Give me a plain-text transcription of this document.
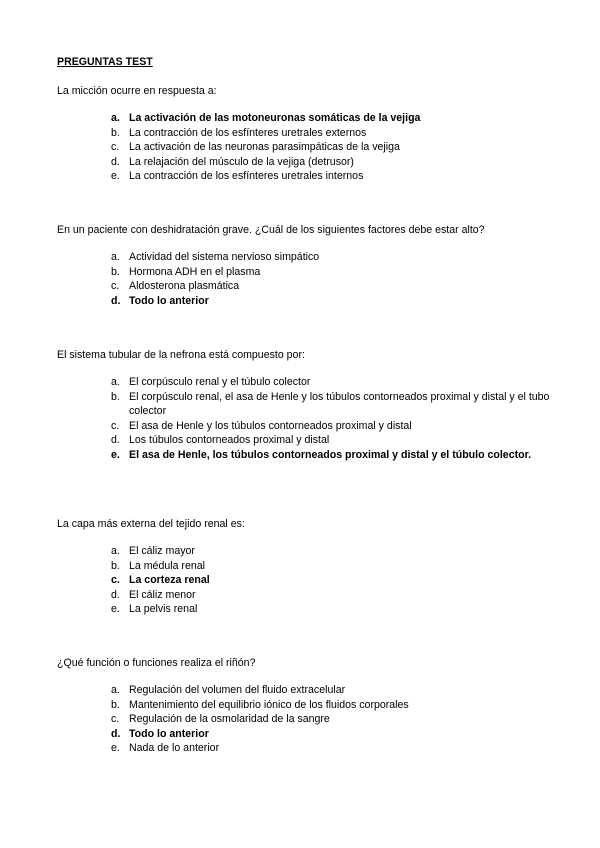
PREGUNTAS TEST
La micción ocurre en respuesta a:
a. La activación de las motoneuronas somáticas de la vejiga
b. La contracción de los esfínteres uretrales externos
c. La activación de las neuronas parasimpáticas de la vejiga
d. La relajación del músculo de la vejiga (detrusor)
e. La contracción de los esfínteres uretrales internos
En un paciente con deshidratación grave. ¿Cuál de los siguientes factores debe estar alto?
a. Actividad del sistema nervioso simpático
b. Hormona ADH en el plasma
c. Aldosterona plasmática
d. Todo lo anterior
El sistema tubular de la nefrona está compuesto por:
a. El corpúsculo renal y el túbulo colector
b. El corpúsculo renal, el asa de Henle y los túbulos contorneados proximal y distal y el tubo colector
c. El asa de Henle y los túbulos contorneados proximal y distal
d. Los túbulos contorneados proximal y distal
e. El asa de Henle, los túbulos contorneados proximal y distal y el túbulo colector.
La capa más externa del tejido renal es:
a. El cáliz mayor
b. La médula renal
c. La corteza renal
d. El cáliz menor
e. La pelvis renal
¿Qué función o funciones realiza el riñón?
a. Regulación del volumen del fluido extracelular
b. Mantenimiento del equilibrio iónico de los fluidos corporales
c. Regulación de la osmolaridad de la sangre
d. Todo lo anterior
e. Nada de lo anterior
